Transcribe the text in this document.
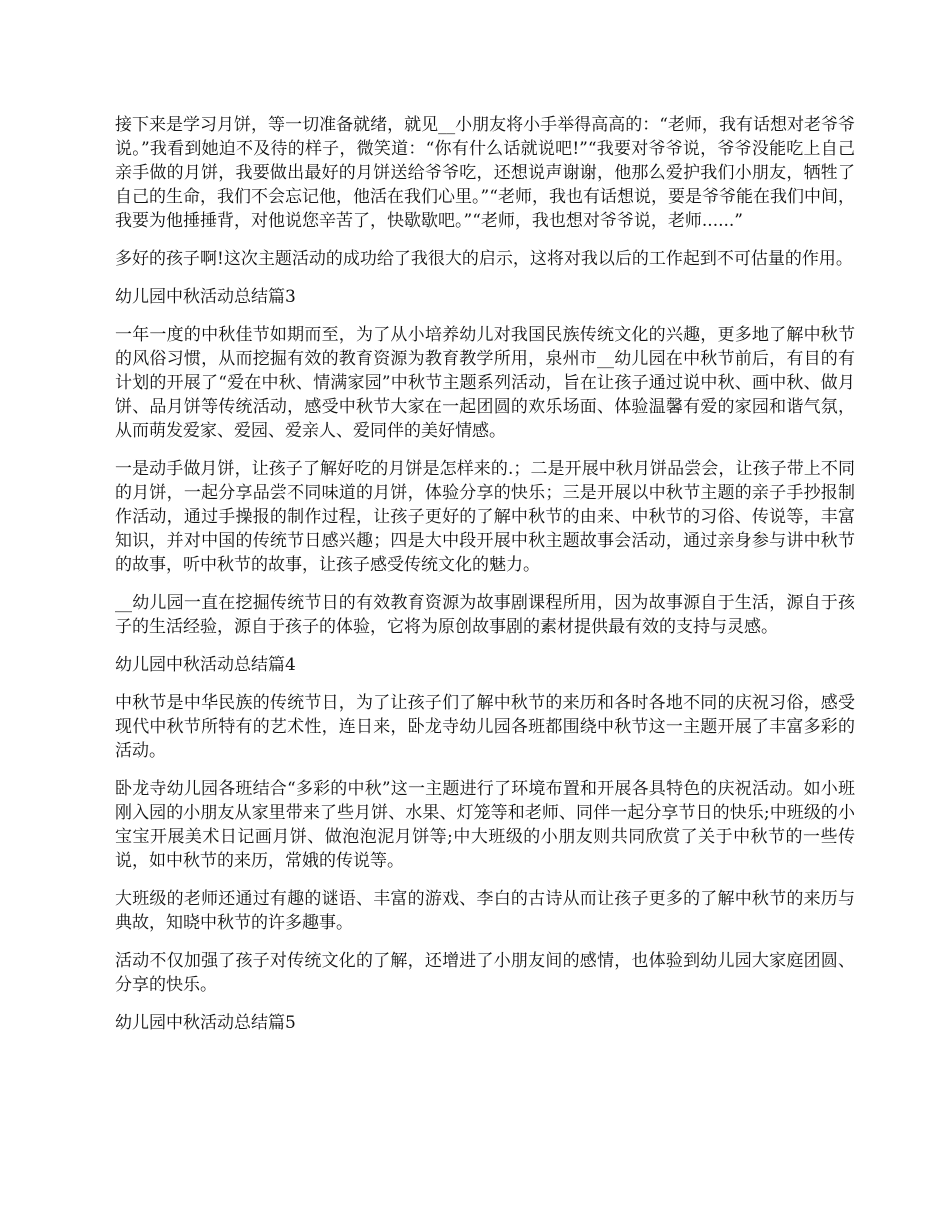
接下来是学习月饼，等一切准备就绪，就见__小朋友将小手举得高高的：“老师，我有话想对老爷爷说。”我看到她迫不及待的样子，微笑道：“你有什么话就说吧!”“我要对爷爷说，爷爷没能吃上自己亲手做的月饼，我要做出最好的月饼送给爷爷吃，还想说声谢谢，他那么爱护我们小朋友，牺牲了自己的生命，我们不会忘记他，他活在我们心里。”“老师，我也有话想说，要是爷爷能在我们中间，我要为他捶捶背，对他说您辛苦了，快歇歇吧。”“老师，我也想对爷爷说，老师......”

多好的孩子啊!这次主题活动的成功给了我很大的启示，这将对我以后的工作起到不可估量的作用。

幼儿园中秋活动总结篇3

一年一度的中秋佳节如期而至，为了从小培养幼儿对我国民族传统文化的兴趣，更多地了解中秋节的风俗习惯，从而挖掘有效的教育资源为教育教学所用，泉州市__幼儿园在中秋节前后，有目的有计划的开展了“爱在中秋、情满家园”中秋节主题系列活动，旨在让孩子通过说中秋、画中秋、做月饼、品月饼等传统活动，感受中秋节大家在一起团圆的欢乐场面、体验温馨有爱的家园和谐气氛，从而萌发爱家、爱园、爱亲人、爱同伴的美好情感。

一是动手做月饼，让孩子了解好吃的月饼是怎样来的.；二是开展中秋月饼品尝会，让孩子带上不同的月饼，一起分享品尝不同味道的月饼，体验分享的快乐；三是开展以中秋节主题的亲子手抄报制作活动，通过手操报的制作过程，让孩子更好的了解中秋节的由来、中秋节的习俗、传说等，丰富知识，并对中国的传统节日感兴趣；四是大中段开展中秋主题故事会活动，通过亲身参与讲中秋节的故事，听中秋节的故事，让孩子感受传统文化的魅力。

__幼儿园一直在挖掘传统节日的有效教育资源为故事剧课程所用，因为故事源自于生活，源自于孩子的生活经验，源自于孩子的体验，它将为原创故事剧的素材提供最有效的支持与灵感。

幼儿园中秋活动总结篇4

中秋节是中华民族的传统节日，为了让孩子们了解中秋节的来历和各时各地不同的庆祝习俗，感受现代中秋节所特有的艺术性，连日来，卧龙寺幼儿园各班都围绕中秋节这一主题开展了丰富多彩的活动。

卧龙寺幼儿园各班结合“多彩的中秋”这一主题进行了环境布置和开展各具特色的庆祝活动。如小班刚入园的小朋友从家里带来了些月饼、水果、灯笼等和老师、同伴一起分享节日的快乐;中班级的小宝宝开展美术日记画月饼、做泡泡泥月饼等;中大班级的小朋友则共同欣赏了关于中秋节的一些传说，如中秋节的来历，常娥的传说等。

大班级的老师还通过有趣的谜语、丰富的游戏、李白的古诗从而让孩子更多的了解中秋节的来历与典故，知晓中秋节的许多趣事。

活动不仅加强了孩子对传统文化的了解，还增进了小朋友间的感情，也体验到幼儿园大家庭团圆、分享的快乐。

幼儿园中秋活动总结篇5
